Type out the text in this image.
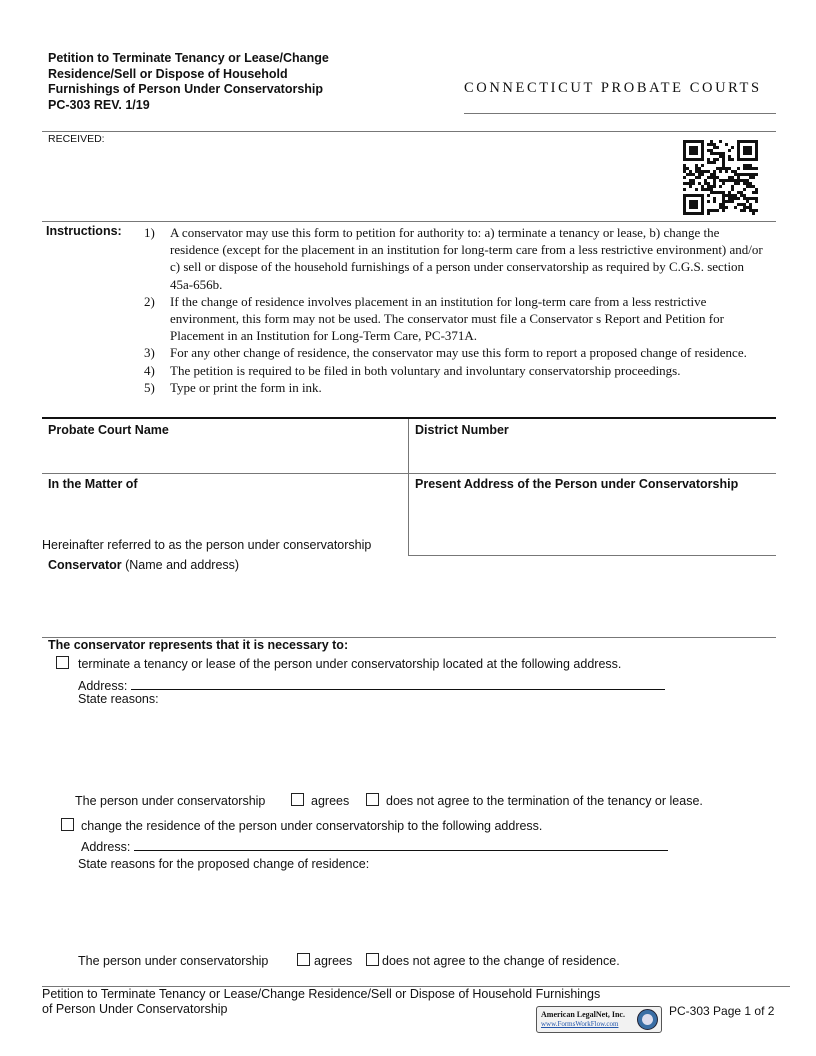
Petition to Terminate Tenancy or Lease/Change
Residence/Sell or Dispose of Household
Furnishings of Person Under Conservatorship
PC-303 REV. 1/19
CONNECTICUT PROBATE COURTS
RECEIVED:
Instructions: 1) A conservator may use this form to petition for authority to: a) terminate a tenancy or lease, b) change the residence (except for the placement in an institution for long-term care from a less restrictive environment) and/or c) sell or dispose of the household furnishings of a person under conservatorship as required by C.G.S. section 45a-656b.
2) If the change of residence involves placement in an institution for long-term care from a less restrictive environment, this form may not be used. The conservator must file a Conservator s Report and Petition for Placement in an Institution for Long-Term Care, PC-371A.
3) For any other change of residence, the conservator may use this form to report a proposed change of residence.
4) The petition is required to be filed in both voluntary and involuntary conservatorship proceedings.
5) Type or print the form in ink.
Probate Court Name	District Number
In the Matter of	Present Address of the Person under Conservatorship
Hereinafter referred to as the person under conservatorship
Conservator (Name and address)
The conservator represents that it is necessary to:
terminate a tenancy or lease of the person under conservatorship located at the following address.
Address:
State reasons:
The person under conservatorship	agrees	does not agree to the termination of the tenancy or lease.
change the residence of the person under conservatorship to the following address.
Address:
State reasons for the proposed change of residence:
The person under conservatorship	agrees does not agree to the change of residence.
Petition to Terminate Tenancy or Lease/Change Residence/Sell or Dispose of Household Furnishings
of Person Under Conservatorship	American LegalNet, Inc.
www.FormsWorkFlow.com
PC-303 Page 1 of 2
